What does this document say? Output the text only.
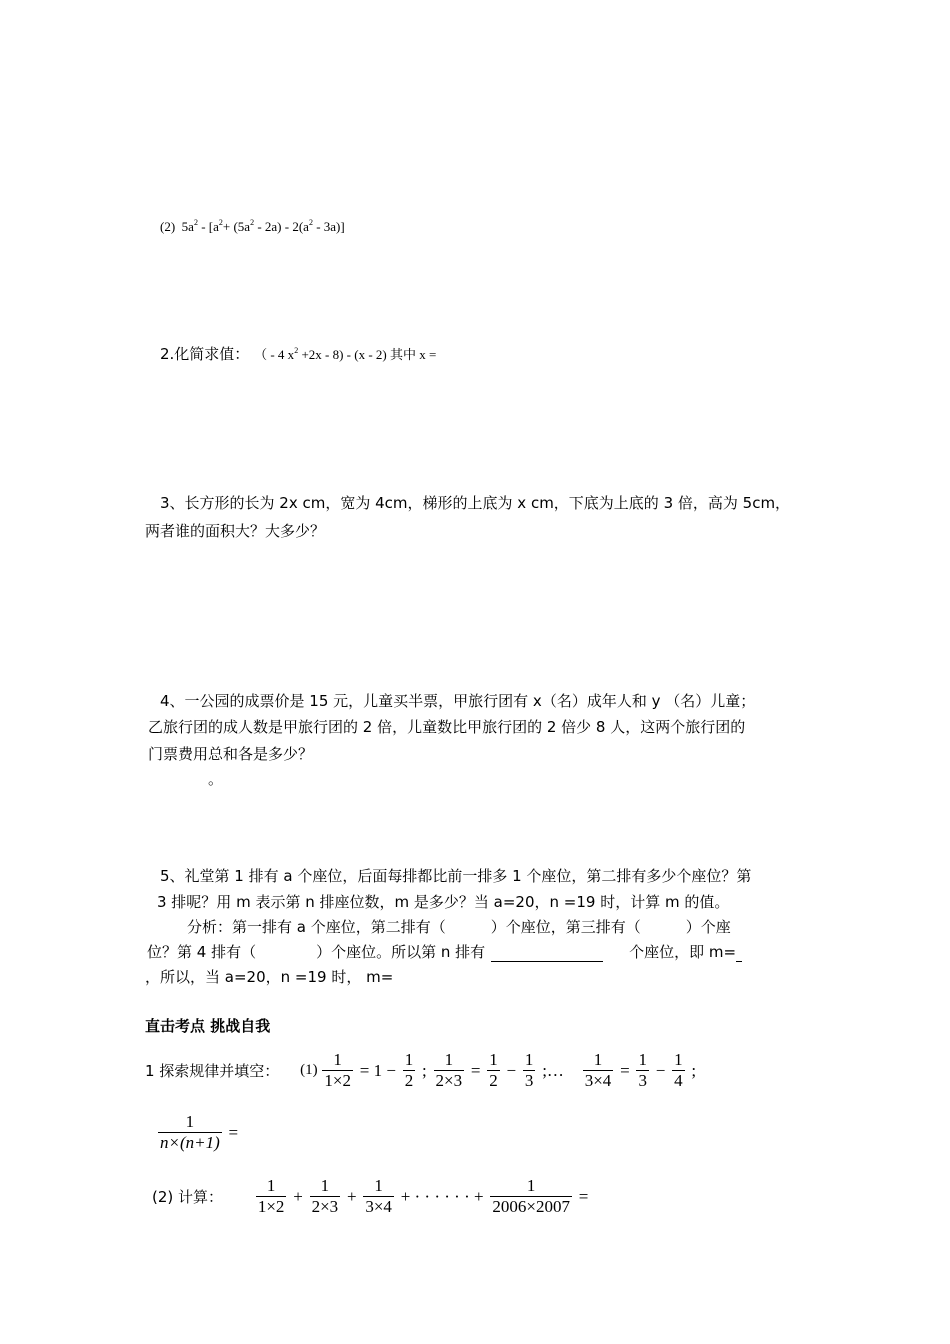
(2) $5a^2 - [a^2+ (5a^2 - 2a) - 2(a^2 - 3a)]$
2.化简求值： （ - 4 $x^2 +2x - 8) - (x - 2)$ 其中 x =
3、长方形的长为 2x cm，宽为 4cm，梯形的上底为 x cm，下底为上底的 3 倍，高为 5cm，
两者谁的面积大？大多少？
4、一公园的成票价是 15 元，儿童买半票，甲旅行团有 x（名）成年人和 y （名）儿童；
乙旅行团的成人数是甲旅行团的 2 倍，儿童数比甲旅行团的 2 倍少 8 人，这两个旅行团的
门票费用总和各是多少？
。
5、礼堂第 1 排有 a 个座位，后面每排都比前一排多 1 个座位，第二排有多少个座位？第
3 排呢？用 m 表示第 n 排座位数，m 是多少？当 a=20，n =19 时，计算 m 的值。
分析：第一排有 a 个座位，第二排有（　　　）个座位，第三排有（　　　）个座
位？第 4 排有（　　　　）个座位。所以第 n 排有	个座位，即 m=
，所以，当 a=20，n =19 时， m=
直击考点 挑战自我
1 探索规律并填空： $(1) \frac{1}{1\times 2} = 1 - \frac{1}{2}$ ; $\frac{1}{2\times 3} = \frac{1}{2} - \frac{1}{3}$ ;… $\frac{1}{3\times 4} = \frac{1}{3} - \frac{1}{4}$ ;
$\frac{1}{n\times(n+1)}$ =
(2) 计算： $\frac{1}{1\times 2} + \frac{1}{2\times 3} + \frac{1}{3\times 4}$ + · · · · · · + $\frac{1}{2006\times 2007}$ =
